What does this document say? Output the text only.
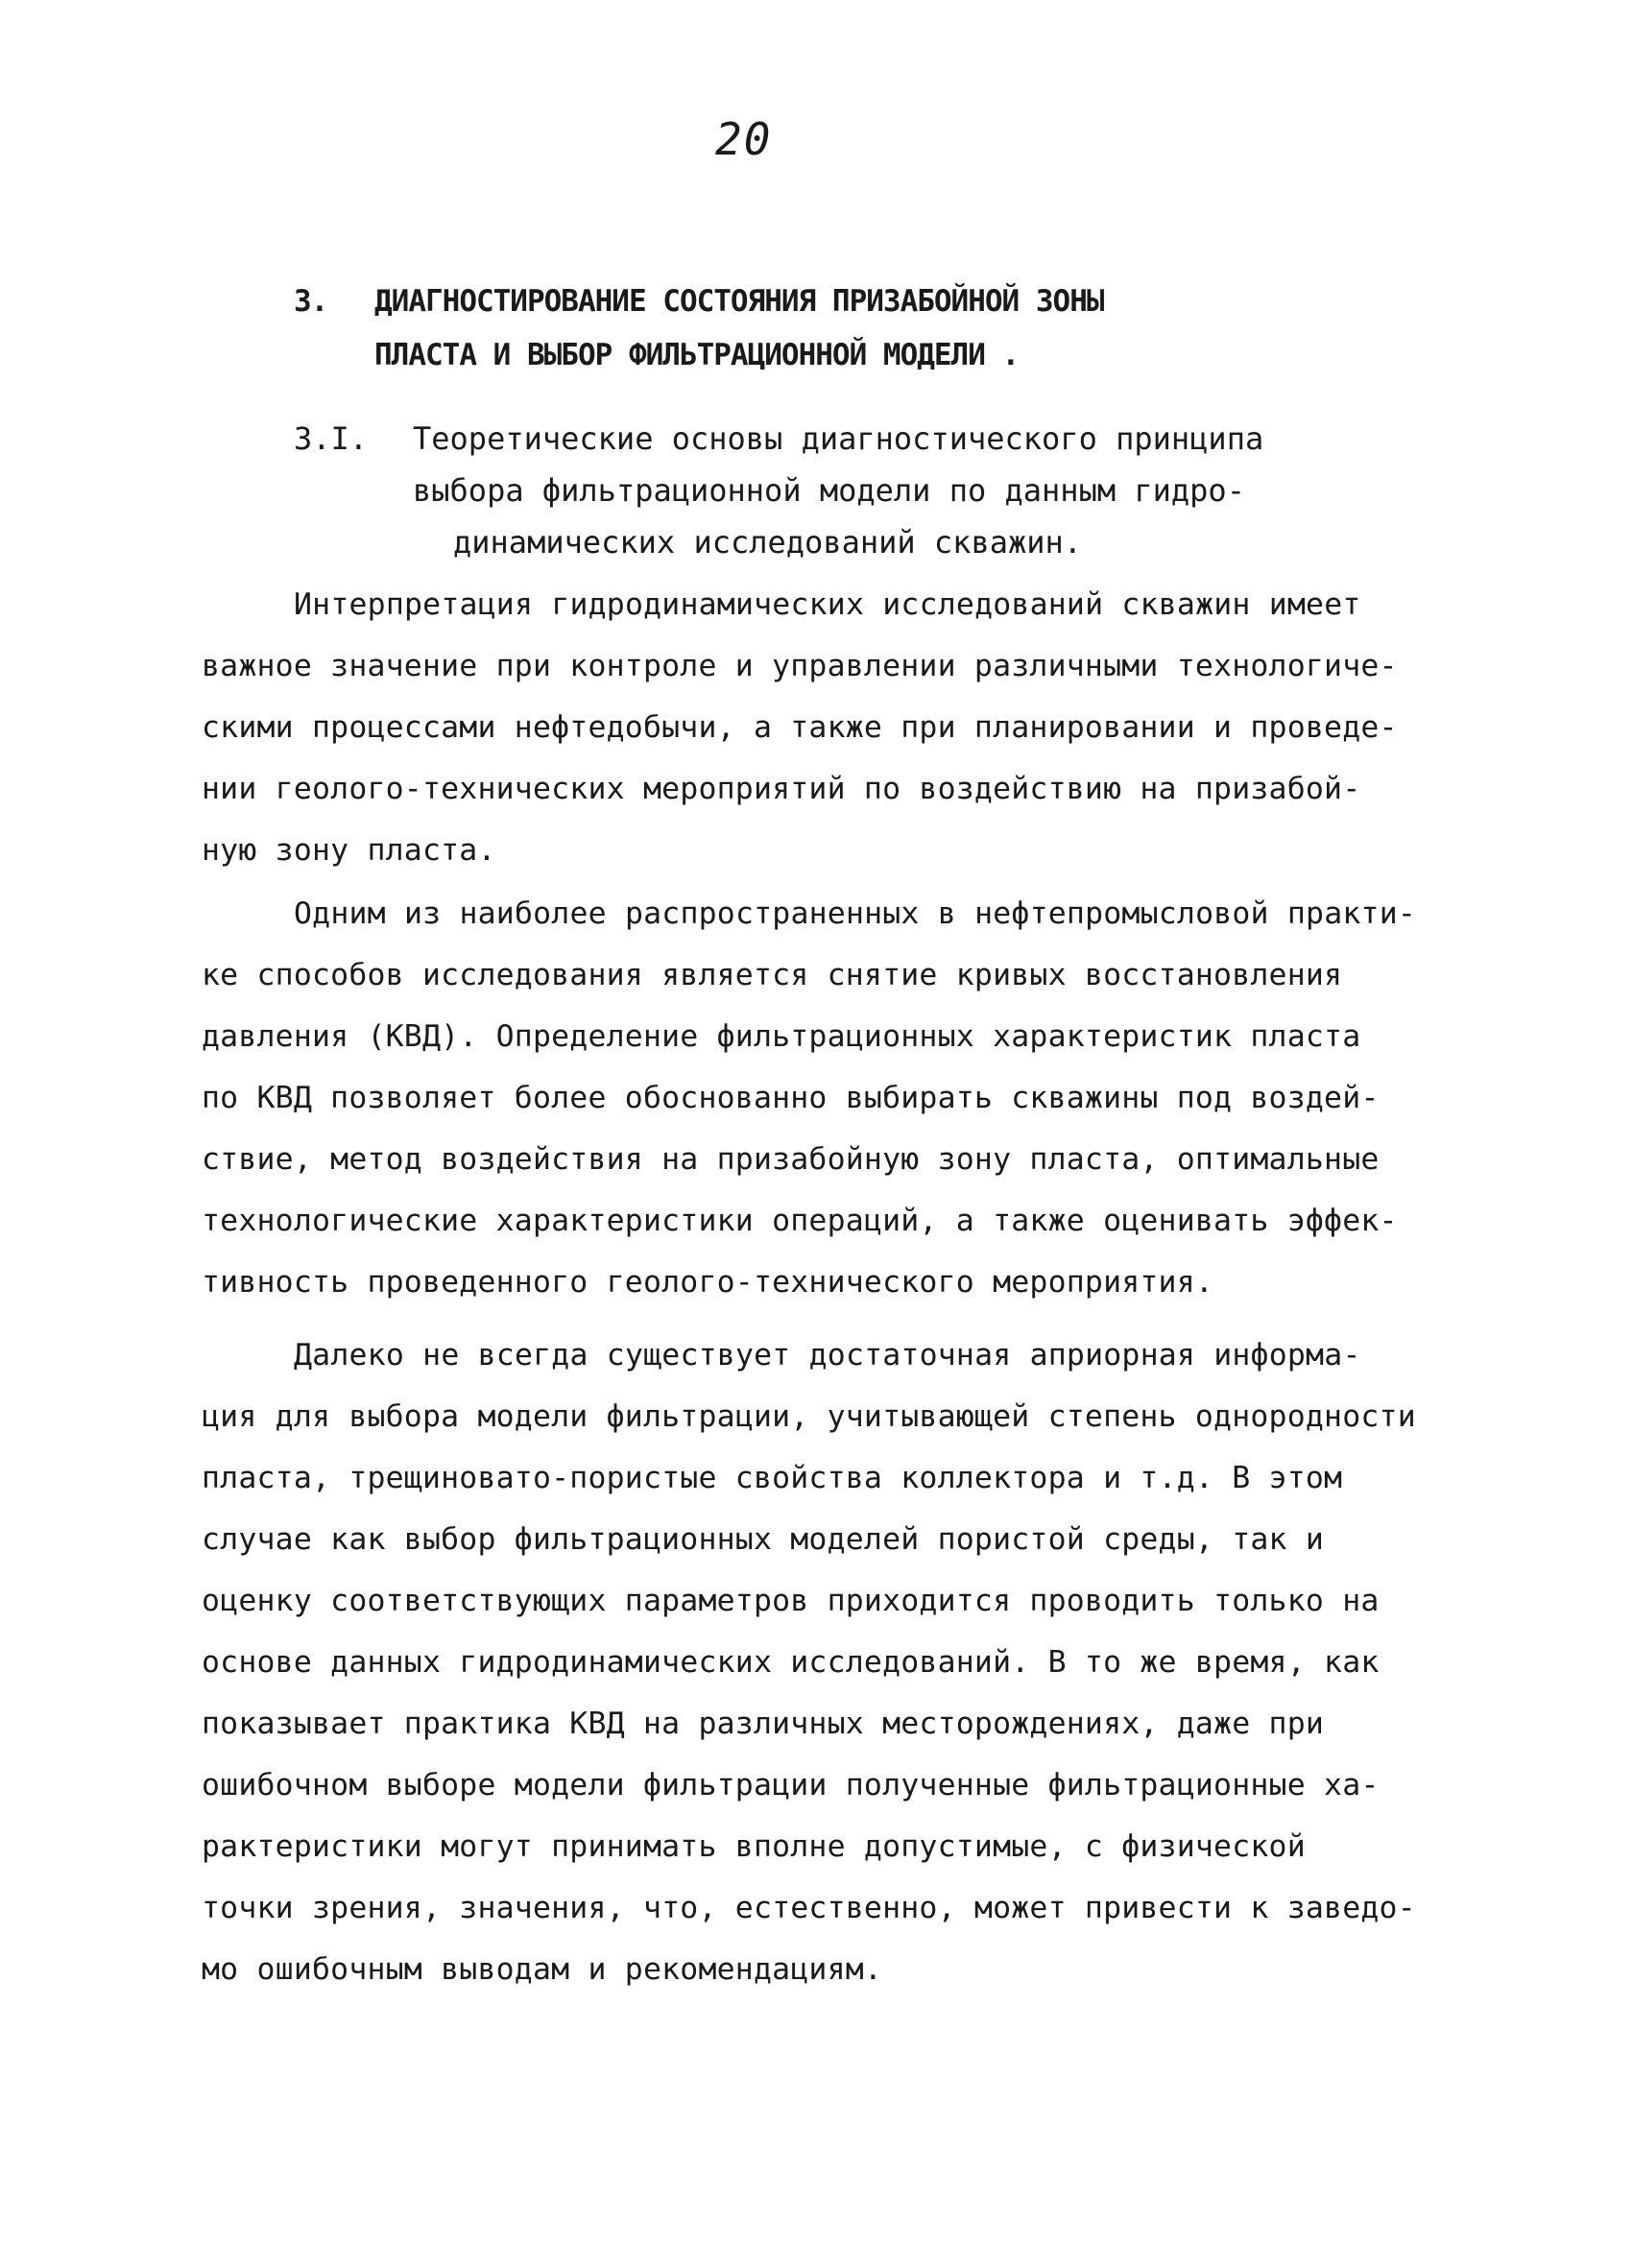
20
3.	ДИАГНОСТИРОВАНИЕ СОСТОЯНИЯ ПРИЗАБОЙНОЙ ЗОНЫ
ПЛАСТА И ВЫБОР ФИЛЬТРАЦИОННОЙ МОДЕЛИ .
3.I.	Теоретические основы диагностического принципа
выбора фильтрационной модели по данным гидро-
динамических исследований скважин.
Интерпретация гидродинамических исследований скважин имеет
важное значение при контроле и управлении различными технологиче-
скими процессами нефтедобычи, а также при планировании и проведе-
нии геолого-технических мероприятий по воздействию на призабой-
ную зону пласта.
Одним из наиболее распространенных в нефтепромысловой практи-
ке способов исследования является снятие кривых восстановления
давления (КВД). Определение фильтрационных характеристик пласта
по КВД позволяет более обоснованно выбирать скважины под воздей-
ствие, метод воздействия на призабойную зону пласта, оптимальные
технологические характеристики операций, а также оценивать эффек-
тивность проведенного геолого-технического мероприятия.
Далеко не всегда существует достаточная априорная информа-
ция для выбора модели фильтрации, учитывающей степень однородности
пласта, трещиновато-пористые свойства коллектора и т.д. В этом
случае как выбор фильтрационных моделей пористой среды, так и
оценку соответствующих параметров приходится проводить только на
основе данных гидродинамических исследований. В то же время, как
показывает практика КВД на различных месторождениях, даже при
ошибочном выборе модели фильтрации полученные фильтрационные ха-
рактеристики могут принимать вполне допустимые, с физической
точки зрения, значения, что, естественно, может привести к заведо-
мо ошибочным выводам и рекомендациям.
